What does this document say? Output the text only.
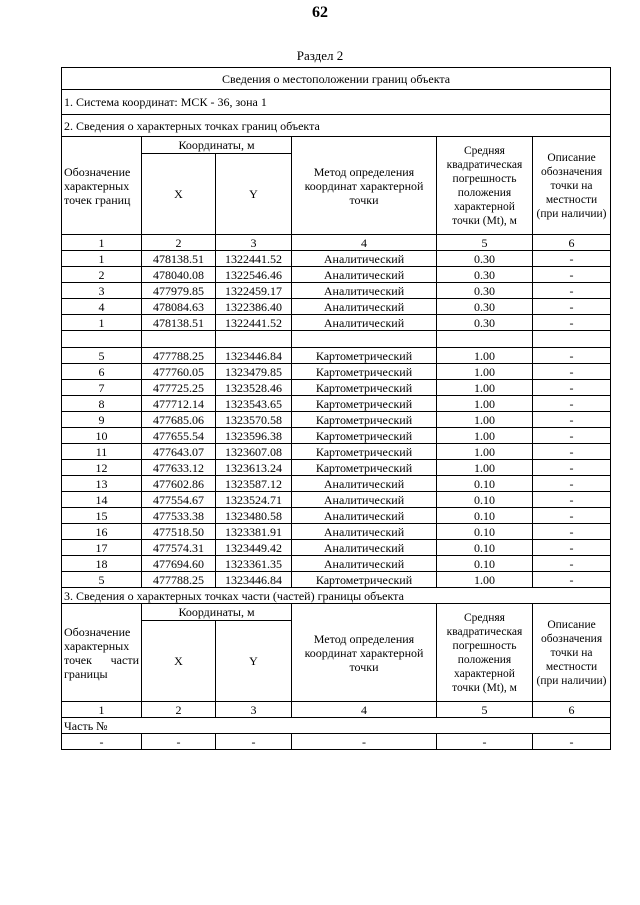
62
Раздел 2
Сведения о местоположении границ объекта					
1. Система координат: МСК - 36, зона 1					
2. Сведения о характерных точках границ объекта					
Обозначение характерных точек границ	Координаты, м		Метод определения координат характерной точки	Средняя квадратическая погрешность положения характерной точки (Mt), м	Описание обозначения точки на местности (при наличии)
	X	Y			
1	2	3	4	5	6
1	478138.51	1322441.52	Аналитический	0.30	-
2	478040.08	1322546.46	Аналитический	0.30	-
3	477979.85	1322459.17	Аналитический	0.30	-
4	478084.63	1322386.40	Аналитический	0.30	-
1	478138.51	1322441.52	Аналитический	0.30	-

5	477788.25	1323446.84	Картометрический	1.00	-
6	477760.05	1323479.85	Картометрический	1.00	-
7	477725.25	1323528.46	Картометрический	1.00	-
8	477712.14	1323543.65	Картометрический	1.00	-
9	477685.06	1323570.58	Картометрический	1.00	-
10	477655.54	1323596.38	Картометрический	1.00	-
11	477643.07	1323607.08	Картометрический	1.00	-
12	477633.12	1323613.24	Картометрический	1.00	-
13	477602.86	1323587.12	Аналитический	0.10	-
14	477554.67	1323524.71	Аналитический	0.10	-
15	477533.38	1323480.58	Аналитический	0.10	-
16	477518.50	1323381.91	Аналитический	0.10	-
17	477574.31	1323449.42	Аналитический	0.10	-
18	477694.60	1323361.35	Аналитический	0.10	-
5	477788.25	1323446.84	Картометрический	1.00	-
3. Сведения о характерных точках части (частей) границы объекта					
Обозначение характерных точек части границы	Координаты, м		Метод определения координат характерной точки	Средняя квадратическая погрешность положения характерной точки (Mt), м	Описание обозначения точки на местности (при наличии)
	X	Y			
1	2	3	4	5	6
Часть №					
-	-	-	-	-	-
